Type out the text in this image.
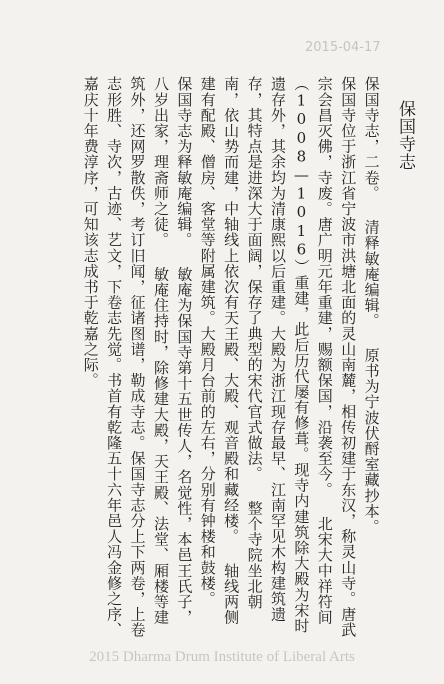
2015-04-17

保国寺志

保国寺志，二卷。 清释敏庵编辑。 原书为宁波伏酹室藏抄本。

保国寺位于浙江省宁波市洪塘北面的灵山南麓，相传初建于东汉，称灵山寺。唐武宗会昌灭佛，寺废。唐广明元年重建，赐额保国，沿袭至今。 北宋大中祥符间（1008—1016）重建，此后历代屡有修葺。现寺内建筑除大殿为宋时遗存外，其余均为清康熙以后重建。大殿为浙江现存最早、江南罕见木构建筑遗存，其特点是进深大于面阔，保存了典型的宋代官式做法。 整个寺院坐北朝南，依山势而建，中轴线上依次有天王殿、大殿、观音殿和藏经楼。 轴线两侧建有配殿、僧房、客堂等附属建筑。大殿月台前的左右，分别有钟楼和鼓楼。

保国寺志为释敏庵编辑。 敏庵为保国寺第十五世传人，名觉性，本邑王氏子，八岁出家，理斋师之徒。 敏庵住持时，除修建大殿，天王殿、法堂、厢楼等建筑外，还网罗散佚，考订旧闻，征诸图谱，勒成寺志。保国寺志分上下两卷，上卷志形胜、寺次，古迹、艺文，下卷志先觉。书首有乾隆五十六年邑人冯金修之序、嘉庆十年费淳序，可知该志成书于乾嘉之际。

2015 Dharma Drum Institute of Liberal Arts
